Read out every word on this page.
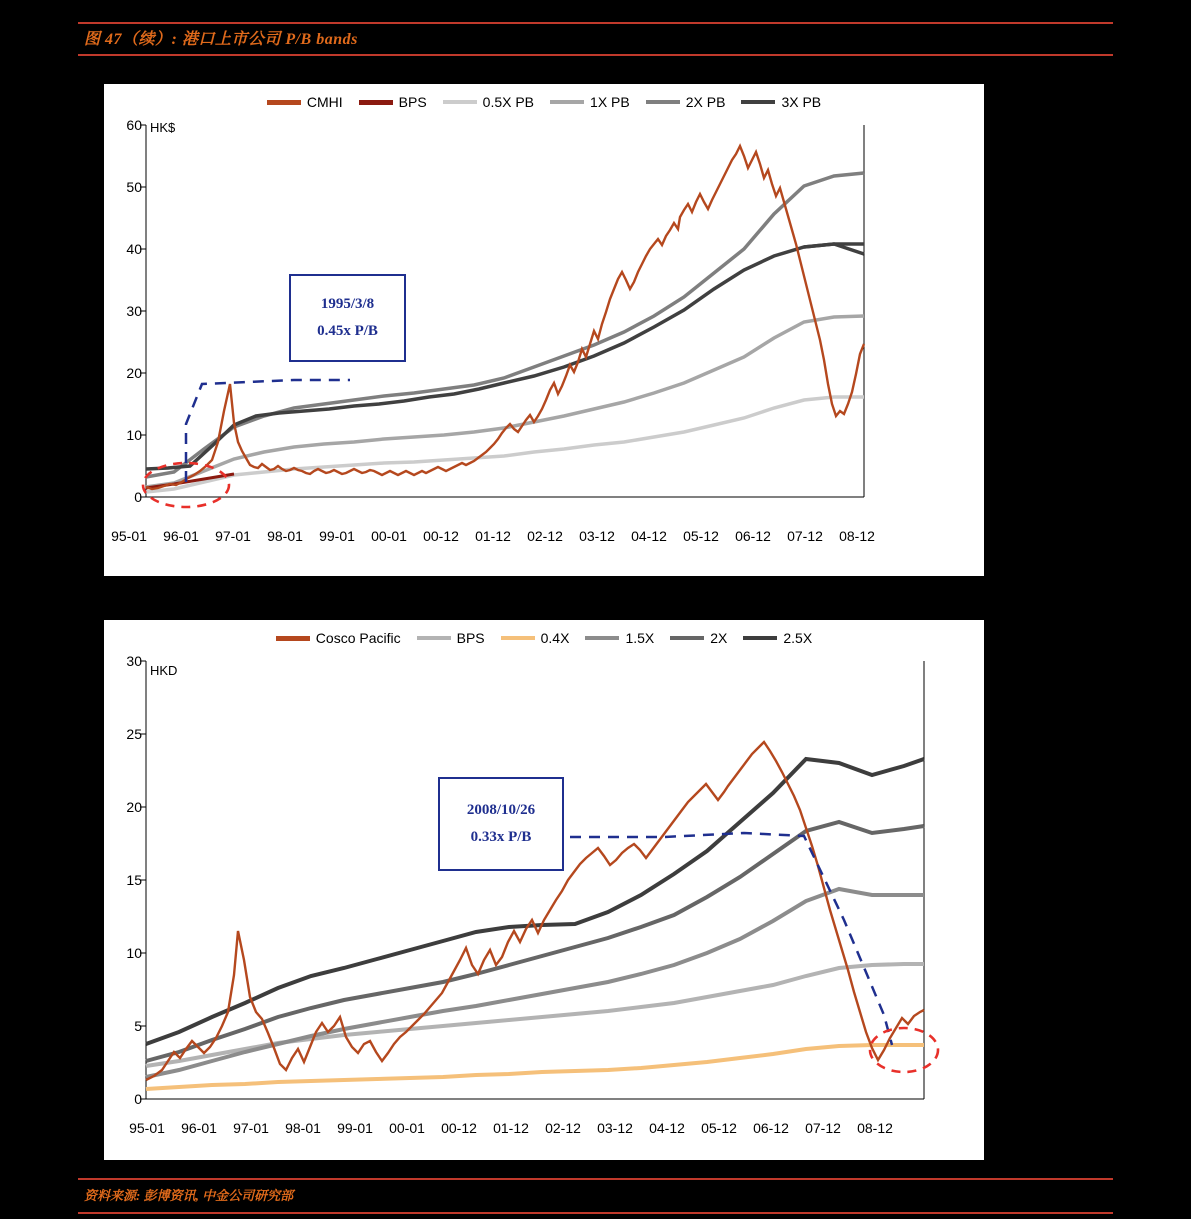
图 47（续）: 港口上市公司 P/B bands
CMHI	BPS	0.5X PB	1X PB	2X PB	3X PB
HK$
60
50
40
30
20
10
0
95-01	96-01	97-01	98-01	99-01	00-01	00-12	01-12	02-12	03-12	04-12	05-12	06-12	07-12	08-12
1995/3/8
0.45x P/B
Cosco Pacific	BPS	0.4X	1.5X	2X	2.5X
HKD
30
25
20
15
10
5
0
95-01	96-01	97-01	98-01	99-01	00-01	00-12	01-12	02-12	03-12	04-12	05-12	06-12	07-12	08-12
2008/10/26
0.33x P/B
资料来源: 彭博资讯, 中金公司研究部
